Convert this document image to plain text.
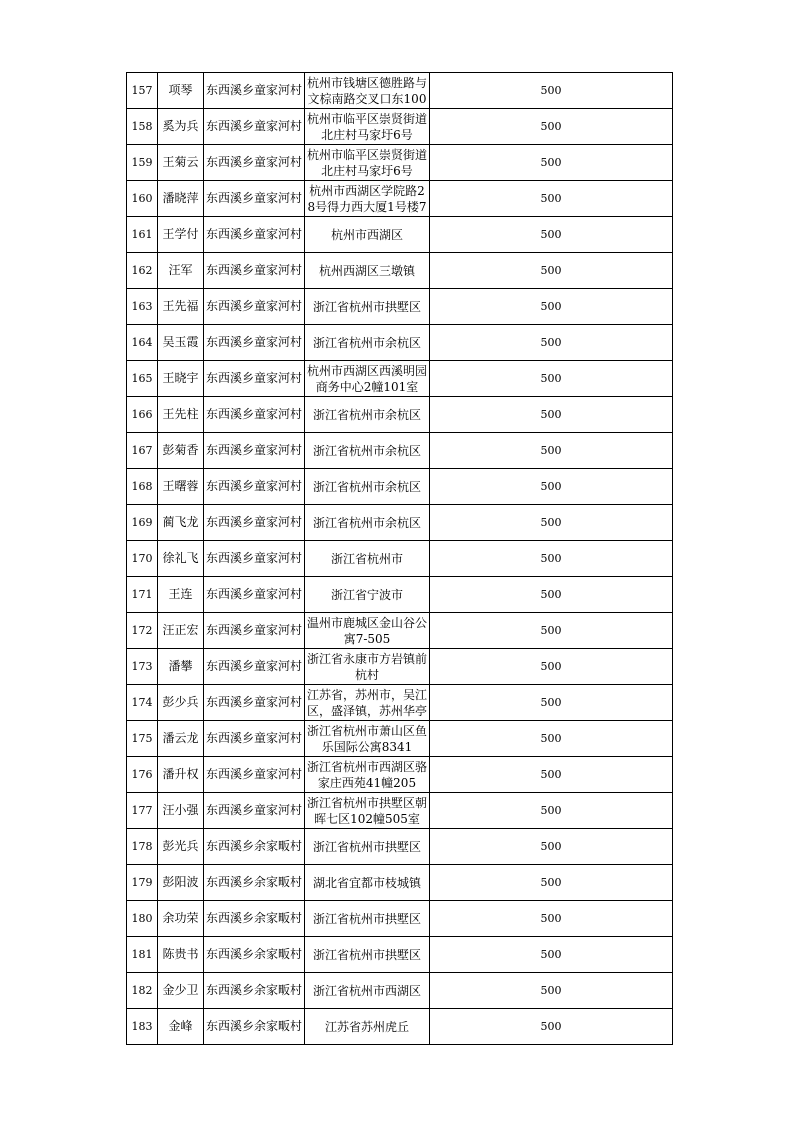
157	项琴	东西溪乡童家河村	杭州市钱塘区德胜路与文棕南路交叉口东100	500
158	奚为兵	东西溪乡童家河村	杭州市临平区崇贤街道北庄村马家圩6号	500
159	王菊云	东西溪乡童家河村	杭州市临平区崇贤街道北庄村马家圩6号	500
160	潘晓萍	东西溪乡童家河村	杭州市西湖区学院路28号得力西大厦1号楼7	500
161	王学付	东西溪乡童家河村	杭州市西湖区	500
162	汪军	东西溪乡童家河村	杭州西湖区三墩镇	500
163	王先福	东西溪乡童家河村	浙江省杭州市拱墅区	500
164	吴玉霞	东西溪乡童家河村	浙江省杭州市余杭区	500
165	王晓宇	东西溪乡童家河村	杭州市西湖区西溪明园商务中心2幢101室	500
166	王先柱	东西溪乡童家河村	浙江省杭州市余杭区	500
167	彭菊香	东西溪乡童家河村	浙江省杭州市余杭区	500
168	王曙蓉	东西溪乡童家河村	浙江省杭州市余杭区	500
169	蔺飞龙	东西溪乡童家河村	浙江省杭州市余杭区	500
170	徐礼飞	东西溪乡童家河村	浙江省杭州市	500
171	王连	东西溪乡童家河村	浙江省宁波市	500
172	汪正宏	东西溪乡童家河村	温州市鹿城区金山谷公寓7-505	500
173	潘攀	东西溪乡童家河村	浙江省永康市方岩镇前杭村	500
174	彭少兵	东西溪乡童家河村	江苏省，苏州市，吴江区，盛泽镇，苏州华亭	500
175	潘云龙	东西溪乡童家河村	浙江省杭州市萧山区鱼乐国际公寓8341	500
176	潘升权	东西溪乡童家河村	浙江省杭州市西湖区骆家庄西苑41幢205	500
177	汪小强	东西溪乡童家河村	浙江省杭州市拱墅区朝晖七区102幢505室	500
178	彭光兵	东西溪乡余家畈村	浙江省杭州市拱墅区	500
179	彭阳波	东西溪乡余家畈村	湖北省宜都市枝城镇	500
180	余功荣	东西溪乡余家畈村	浙江省杭州市拱墅区	500
181	陈贵书	东西溪乡余家畈村	浙江省杭州市拱墅区	500
182	金少卫	东西溪乡余家畈村	浙江省杭州市西湖区	500
183	金峰	东西溪乡余家畈村	江苏省苏州虎丘	500
